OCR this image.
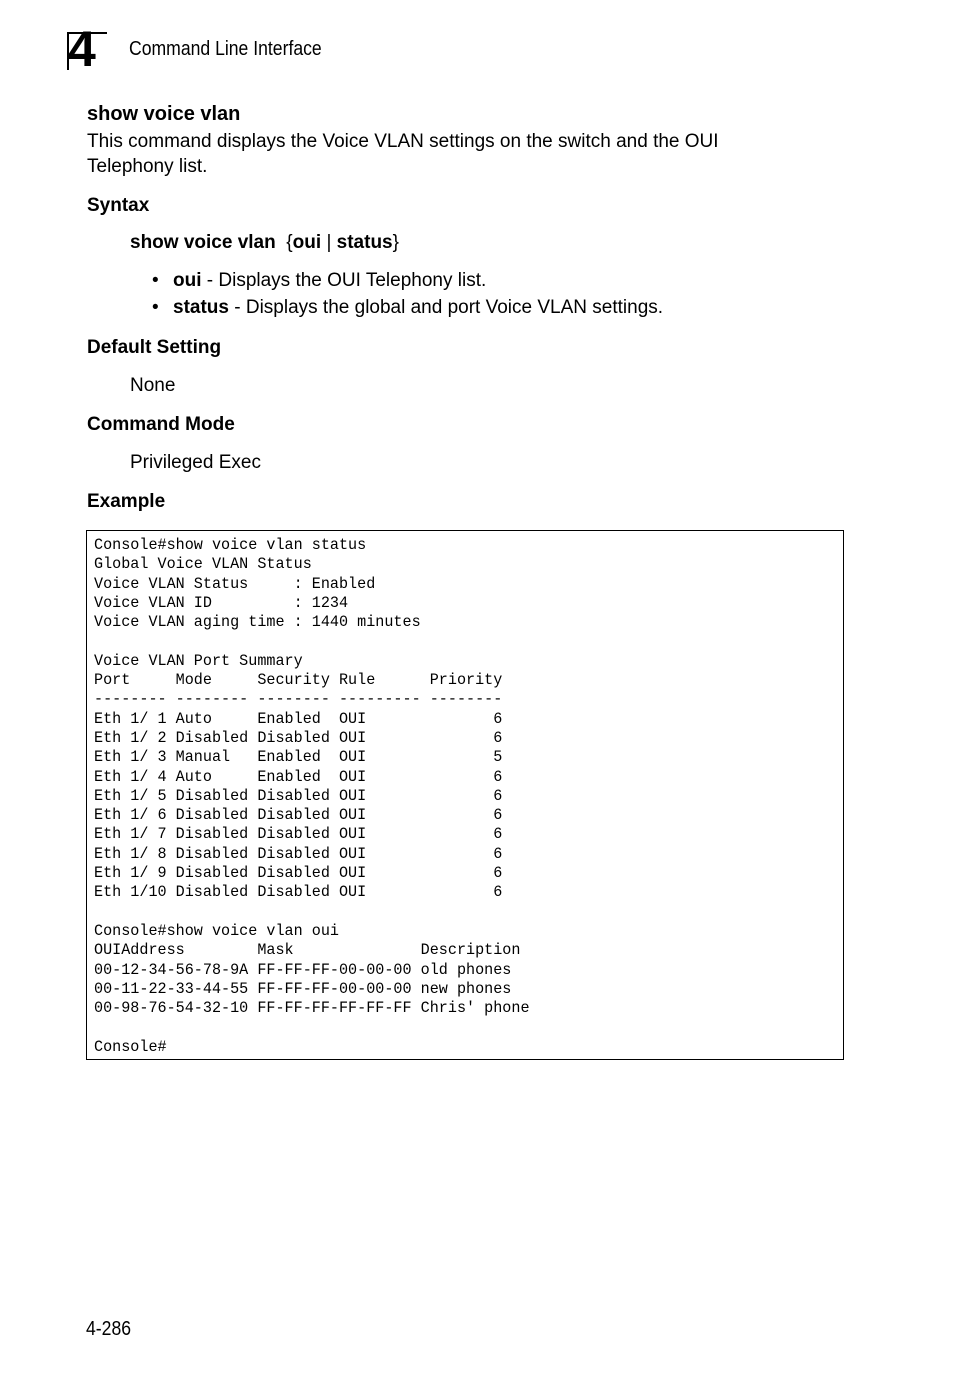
4 Command Line Interface
show voice vlan
This command displays the Voice VLAN settings on the switch and the OUI Telephony list.
Syntax
show voice vlan {oui | status}
• oui - Displays the OUI Telephony list.
• status - Displays the global and port Voice VLAN settings.
Default Setting
None
Command Mode
Privileged Exec
Example
Console#show voice vlan status
Global Voice VLAN Status
Voice VLAN Status     : Enabled
Voice VLAN ID         : 1234
Voice VLAN aging time : 1440 minutes

Voice VLAN Port Summary
Port     Mode     Security Rule      Priority
-------- -------- -------- --------- --------
Eth 1/ 1 Auto     Enabled  OUI              6
Eth 1/ 2 Disabled Disabled OUI              6
Eth 1/ 3 Manual   Enabled  OUI              5
Eth 1/ 4 Auto     Enabled  OUI              6
Eth 1/ 5 Disabled Disabled OUI              6
Eth 1/ 6 Disabled Disabled OUI              6
Eth 1/ 7 Disabled Disabled OUI              6
Eth 1/ 8 Disabled Disabled OUI              6
Eth 1/ 9 Disabled Disabled OUI              6
Eth 1/10 Disabled Disabled OUI              6

Console#show voice vlan oui
OUIAddress        Mask              Description
00-12-34-56-78-9A FF-FF-FF-00-00-00 old phones
00-11-22-33-44-55 FF-FF-FF-00-00-00 new phones
00-98-76-54-32-10 FF-FF-FF-FF-FF-FF Chris' phone

Console#
4-286
